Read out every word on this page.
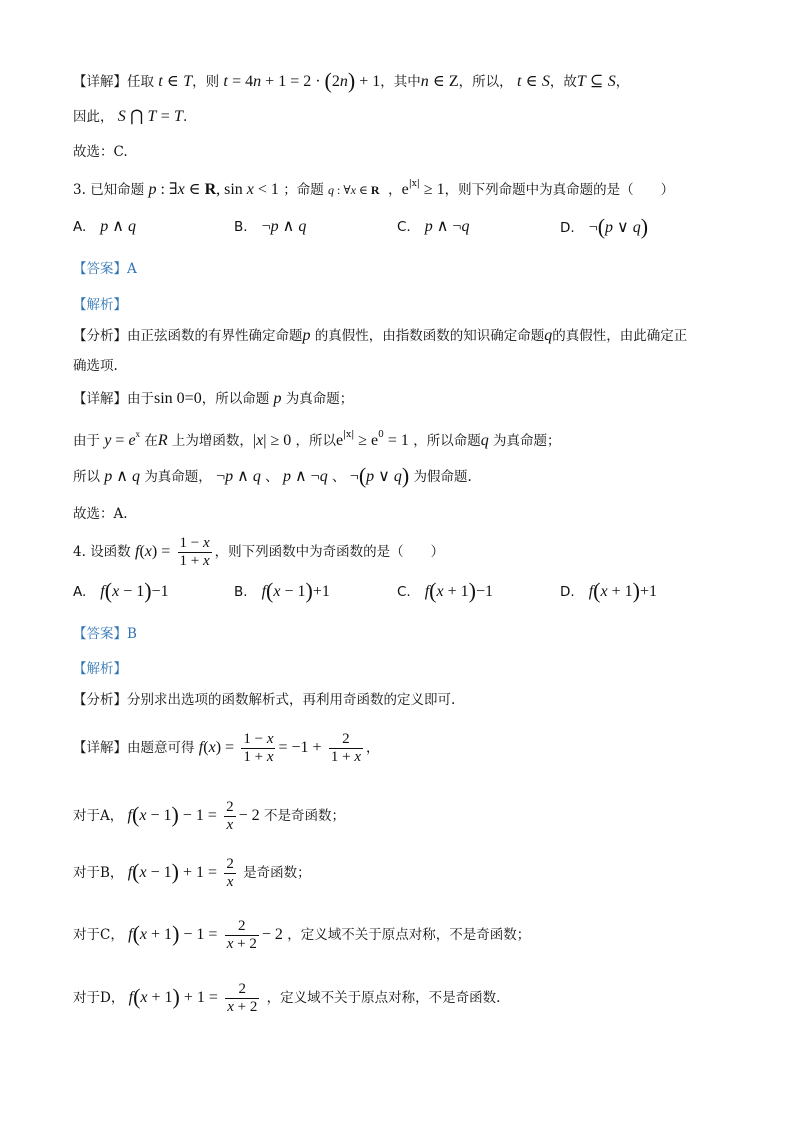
【详解】任取 t ∈ T，则 t = 4n + 1 = 2 · (2n) + 1，其中n ∈ Z，所以， t ∈ S，故T ⊆ S，
因此， S ⋂ T = T.
故选：C.
3. 已知命题 p : ∃x ∈ R, sin x < 1 ；命题 q : ∀x ∈ R  ，$e^{|x|} \ge 1$，则下列命题中为真命题的是（　　）
A. p ∧ q	B. ¬p ∧ q	C. p ∧ ¬q	D. ¬(p ∨ q)
【答案】A
【解析】
【分析】由正弦函数的有界性确定命题p 的真假性，由指数函数的知识确定命题q的真假性，由此确定正
确选项.
【详解】由于sin 0=0，所以命题 p 为真命题；
由于 $y = e^x$ 在R 上为增函数，|x| ≥ 0 ，所以$e^{|x|} \ge e^0 = 1$ ，所以命题q 为真命题；
所以 p ∧ q 为真命题， ¬p ∧ q 、 p ∧ ¬q 、 ¬(p ∨ q) 为假命题.
故选：A.
4. 设函数 $f(x) = \frac{1 - x}{1 + x}$ ，则下列函数中为奇函数的是（　　）
A. f(x − 1)−1	B. f(x − 1)+1	C. f(x + 1)−1	D. f(x + 1)+1
【答案】B
【解析】
【分析】分别求出选项的函数解析式，再利用奇函数的定义即可.
【详解】由题意可得 $f(x) = \frac{1 - x}{1 + x} = -1 + \frac{2}{1 + x}$ ，
对于A， $f(x - 1) - 1 = \frac{2}{x} - 2$ 不是奇函数；
对于B， $f(x - 1) + 1 = \frac{2}{x}$ 是奇函数；
对于C， $f(x + 1) - 1 = \frac{2}{x + 2} - 2$ ，定义域不关于原点对称，不是奇函数；
对于D， $f(x + 1) + 1 = \frac{2}{x + 2}$ ，定义域不关于原点对称，不是奇函数.
